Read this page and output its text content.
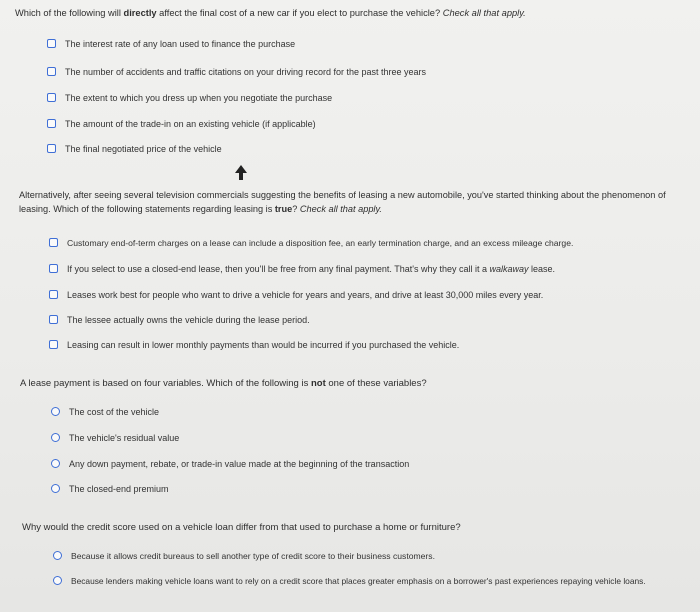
Which of the following will directly affect the final cost of a new car if you elect to purchase the vehicle? Check all that apply.
The interest rate of any loan used to finance the purchase
The number of accidents and traffic citations on your driving record for the past three years
The extent to which you dress up when you negotiate the purchase
The amount of the trade-in on an existing vehicle (if applicable)
The final negotiated price of the vehicle
Alternatively, after seeing several television commercials suggesting the benefits of leasing a new automobile, you've started thinking about the phenomenon of leasing. Which of the following statements regarding leasing is true? Check all that apply.
Customary end-of-term charges on a lease can include a disposition fee, an early termination charge, and an excess mileage charge.
If you select to use a closed-end lease, then you'll be free from any final payment. That's why they call it a walkaway lease.
Leases work best for people who want to drive a vehicle for years and years, and drive at least 30,000 miles every year.
The lessee actually owns the vehicle during the lease period.
Leasing can result in lower monthly payments than would be incurred if you purchased the vehicle.
A lease payment is based on four variables. Which of the following is not one of these variables?
The cost of the vehicle
The vehicle's residual value
Any down payment, rebate, or trade-in value made at the beginning of the transaction
The closed-end premium
Why would the credit score used on a vehicle loan differ from that used to purchase a home or furniture?
Because it allows credit bureaus to sell another type of credit score to their business customers.
Because lenders making vehicle loans want to rely on a credit score that places greater emphasis on a borrower's past experiences repaying vehicle loans.
